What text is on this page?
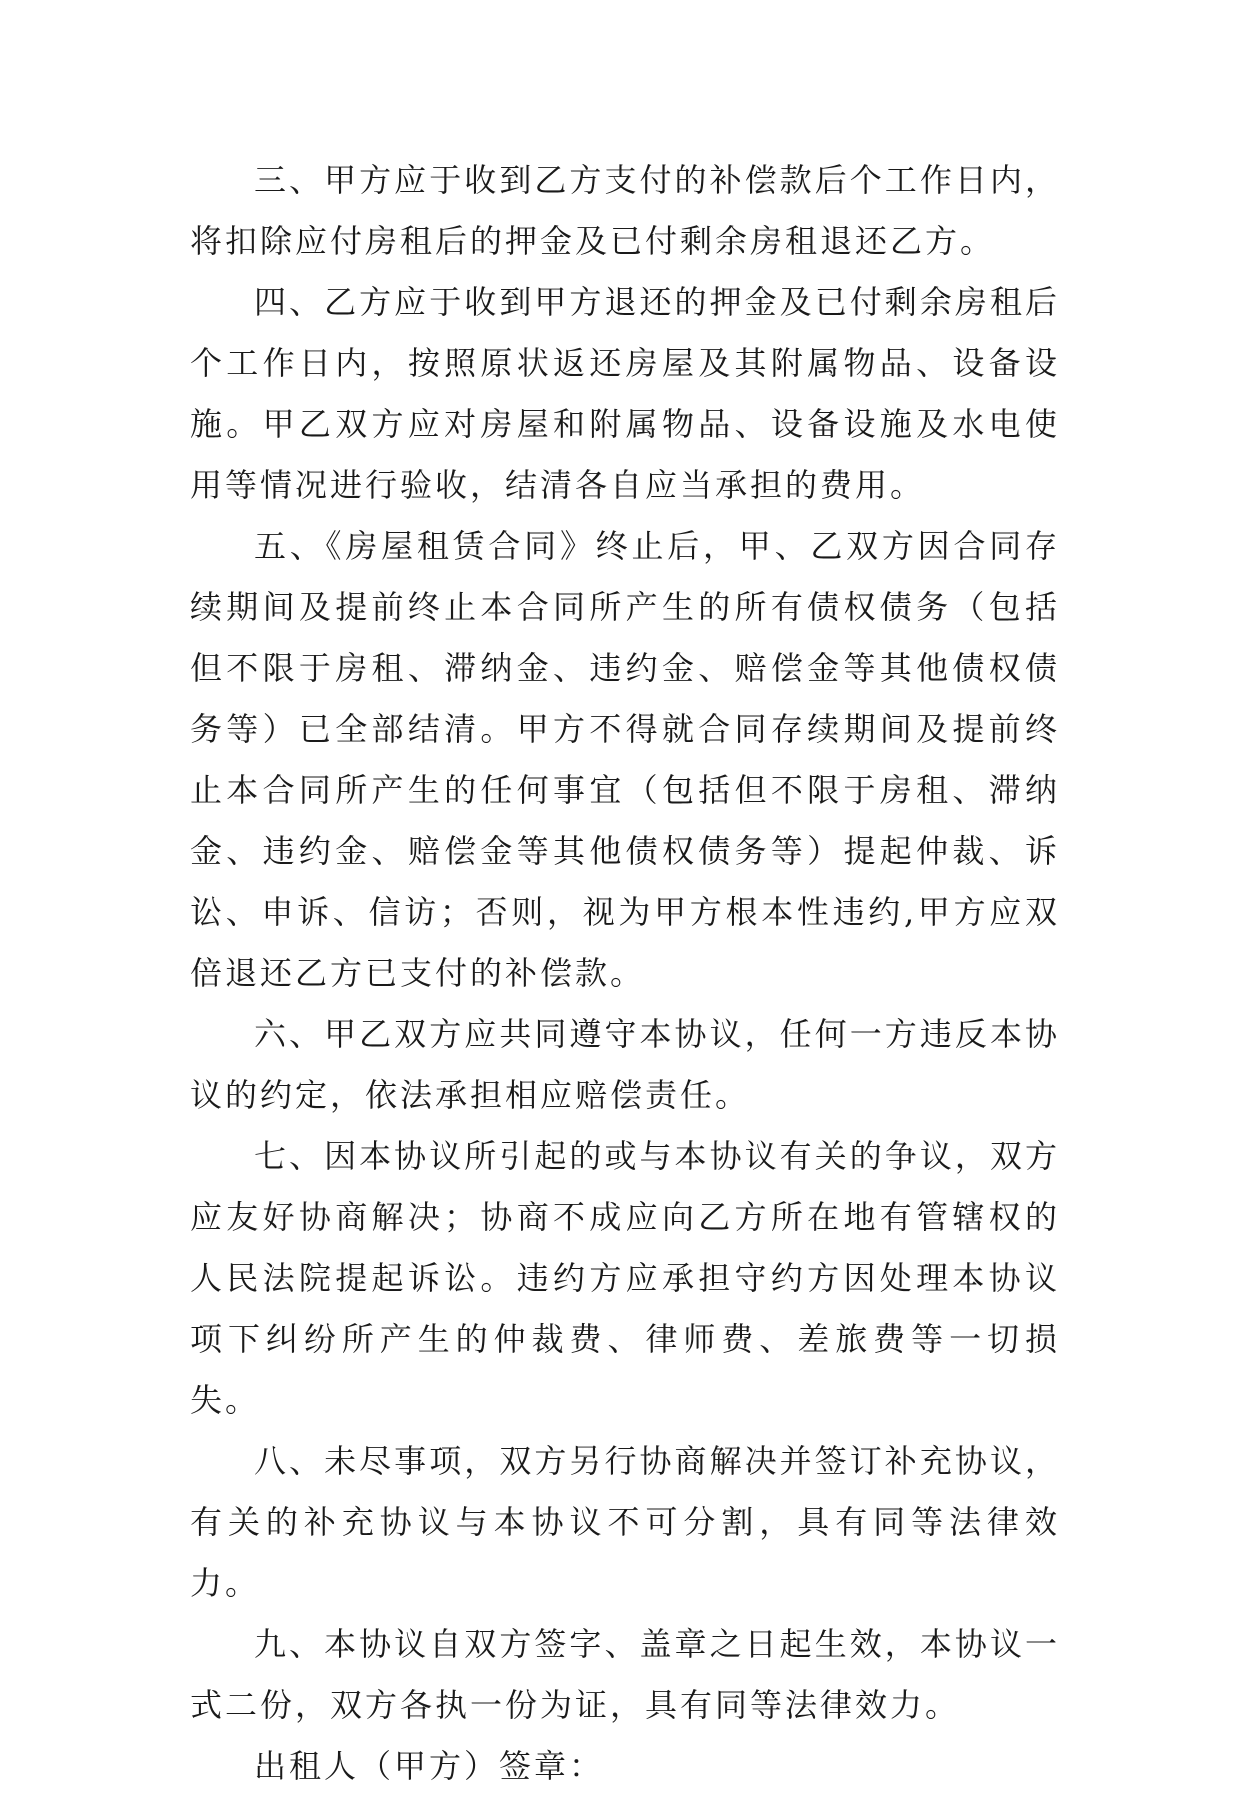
三、甲方应于收到乙方支付的补偿款后个工作日内，将扣除应付房租后的押金及已付剩余房租退还乙方。

四、乙方应于收到甲方退还的押金及已付剩余房租后个工作日内，按照原状返还房屋及其附属物品、设备设施。甲乙双方应对房屋和附属物品、设备设施及水电使用等情况进行验收，结清各自应当承担的费用。

五、《房屋租赁合同》终止后，甲、乙双方因合同存续期间及提前终止本合同所产生的所有债权债务（包括但不限于房租、滞纳金、违约金、赔偿金等其他债权债务等）已全部结清。甲方不得就合同存续期间及提前终止本合同所产生的任何事宜（包括但不限于房租、滞纳金、违约金、赔偿金等其他债权债务等）提起仲裁、诉讼、申诉、信访；否则，视为甲方根本性违约,甲方应双倍退还乙方已支付的补偿款。

六、甲乙双方应共同遵守本协议，任何一方违反本协议的约定，依法承担相应赔偿责任。

七、因本协议所引起的或与本协议有关的争议，双方应友好协商解决；协商不成应向乙方所在地有管辖权的人民法院提起诉讼。违约方应承担守约方因处理本协议项下纠纷所产生的仲裁费、律师费、差旅费等一切损失。

八、未尽事项，双方另行协商解决并签订补充协议，有关的补充协议与本协议不可分割，具有同等法律效力。

九、本协议自双方签字、盖章之日起生效，本协议一式二份，双方各执一份为证，具有同等法律效力。

出租人（甲方）签章：
